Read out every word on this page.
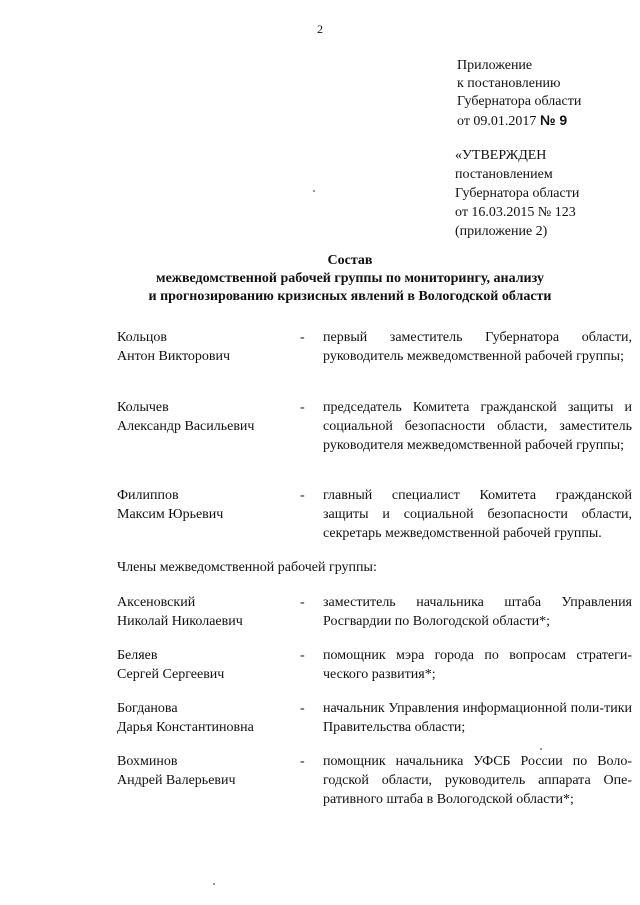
2
Приложение
к постановлению
Губернатора области
от 09.01.2017 № 9
«УТВЕРЖДЕН
постановлением
Губернатора области
от 16.03.2015 № 123
(приложение 2)
Состав
межведомственной рабочей группы по мониторингу, анализу
и прогнозированию кризисных явлений в Вологодской области
Кольцов
Антон Викторович
- первый заместитель Губернатора области, руководитель межведомственной рабочей группы;
Колычев
Александр Васильевич
- председатель Комитета гражданской защиты и социальной безопасности области, заместитель руководителя межведомственной рабочей группы;
Филиппов
Максим Юрьевич
- главный специалист Комитета гражданской защиты и социальной безопасности области, секретарь межведомственной рабочей группы.
Члены межведомственной рабочей группы:
Аксеновский
Николай Николаевич
- заместитель начальника штаба Управления Росгвардии по Вологодской области*;
Беляев
Сергей Сергеевич
- помощник мэра города по вопросам стратеги-ческого развития*;
Богданова
Дарья Константиновна
- начальник Управления информационной поли-тики Правительства области;
Вохминов
Андрей Валерьевич
- помощник начальника УФСБ России по Воло-годской области, руководитель аппарата Опе-ративного штаба в Вологодской области*;
